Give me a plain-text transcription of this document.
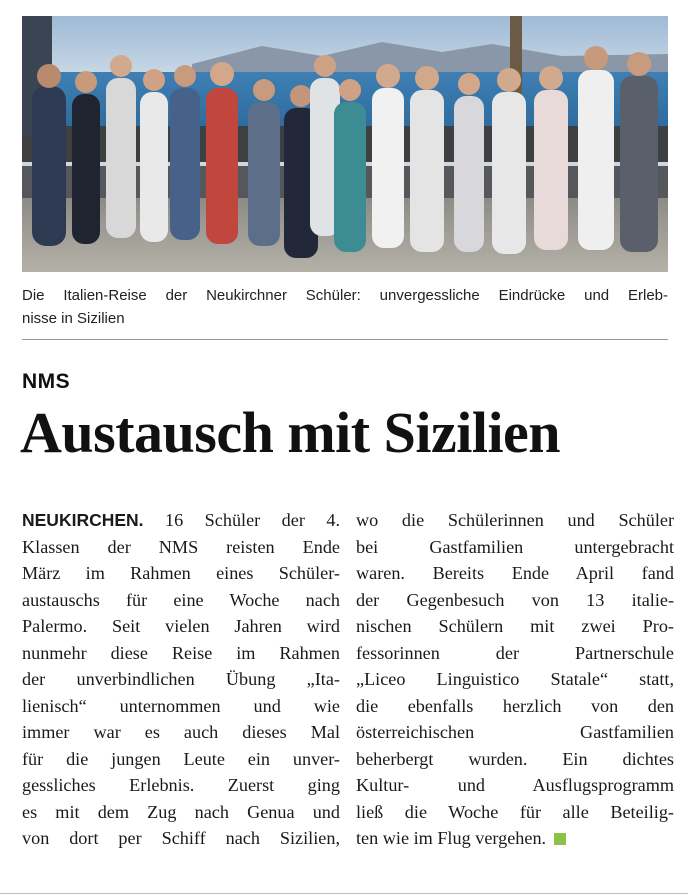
Die Italien-Reise der Neukirchner Schüler: unvergessliche Eindrücke und Erleb-
nisse in Sizilien
NMS
Austausch mit Sizilien
NEUKIRCHEN. 16 Schüler der 4.
Klassen der NMS reisten Ende
März im Rahmen eines Schüler-
austauschs für eine Woche nach
Palermo. Seit vielen Jahren wird
nunmehr diese Reise im Rahmen
der unverbindlichen Übung „Ita-
lienisch“ unternommen und wie
immer war es auch dieses Mal
für die jungen Leute ein unver-
gessliches Erlebnis. Zuerst ging
es mit dem Zug nach Genua und
von dort per Schiff nach Sizilien,
wo die Schülerinnen und Schüler
bei Gastfamilien untergebracht
waren. Bereits Ende April fand
der Gegenbesuch von 13 italie-
nischen Schülern mit zwei Pro-
fessorinnen der Partnerschule
„Liceo Linguistico Statale“ statt,
die ebenfalls herzlich von den
österreichischen Gastfamilien
beherbergt wurden. Ein dichtes
Kultur- und Ausflugsprogramm
ließ die Woche für alle Beteilig-
ten wie im Flug vergehen.
